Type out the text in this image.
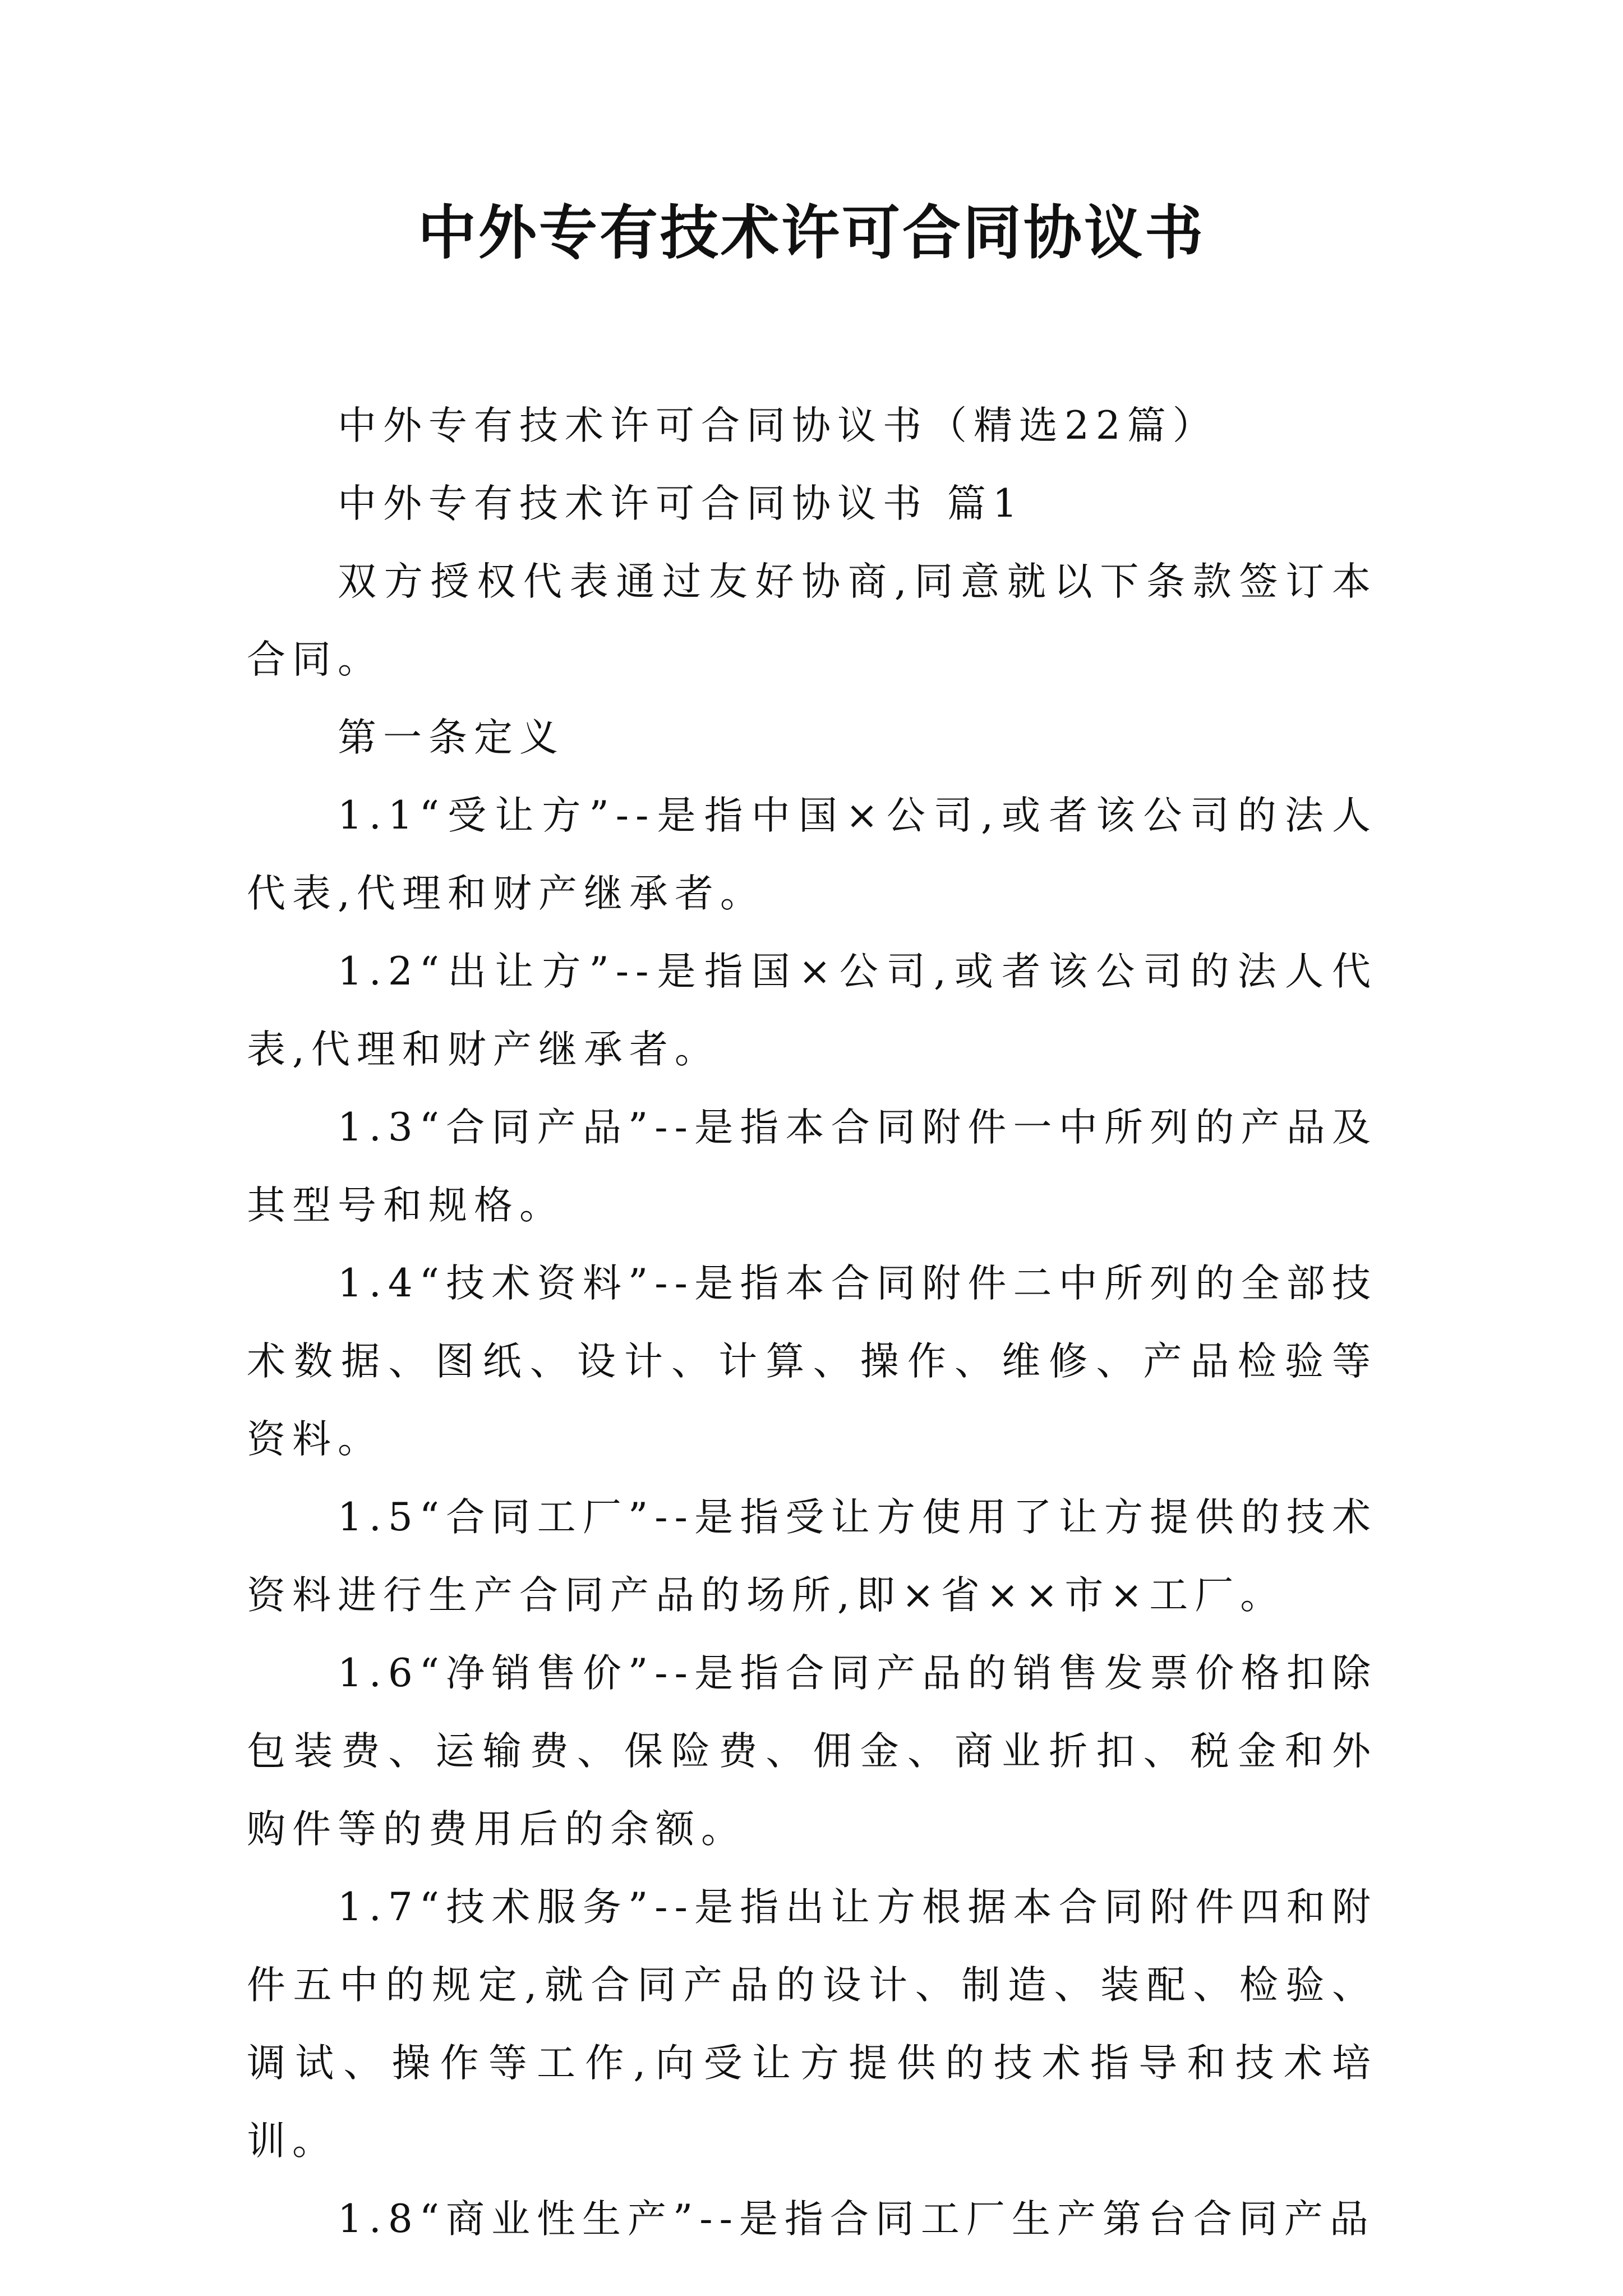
中外专有技术许可合同协议书

中外专有技术许可合同协议书（精选22篇）

中外专有技术许可合同协议书 篇1

双方授权代表通过友好协商,同意就以下条款签订本合同。

第一条定义

1.1“受让方”--是指中国×公司,或者该公司的法人代表,代理和财产继承者。

1.2“出让方”--是指国×公司,或者该公司的法人代表,代理和财产继承者。

1.3“合同产品”--是指本合同附件一中所列的产品及其型号和规格。

1.4“技术资料”--是指本合同附件二中所列的全部技术数据、图纸、设计、计算、操作、维修、产品检验等资料。

1.5“合同工厂”--是指受让方使用了让方提供的技术资料进行生产合同产品的场所,即×省××市×工厂。

1.6“净销售价”--是指合同产品的销售发票价格扣除包装费、运输费、保险费、佣金、商业折扣、税金和外购件等的费用后的余额。

1.7“技术服务”--是指出让方根据本合同附件四和附件五中的规定,就合同产品的设计、制造、装配、检验、调试、操作等工作,向受让方提供的技术指导和技术培训。

1.8“商业性生产”--是指合同工厂生产第台合同产品
